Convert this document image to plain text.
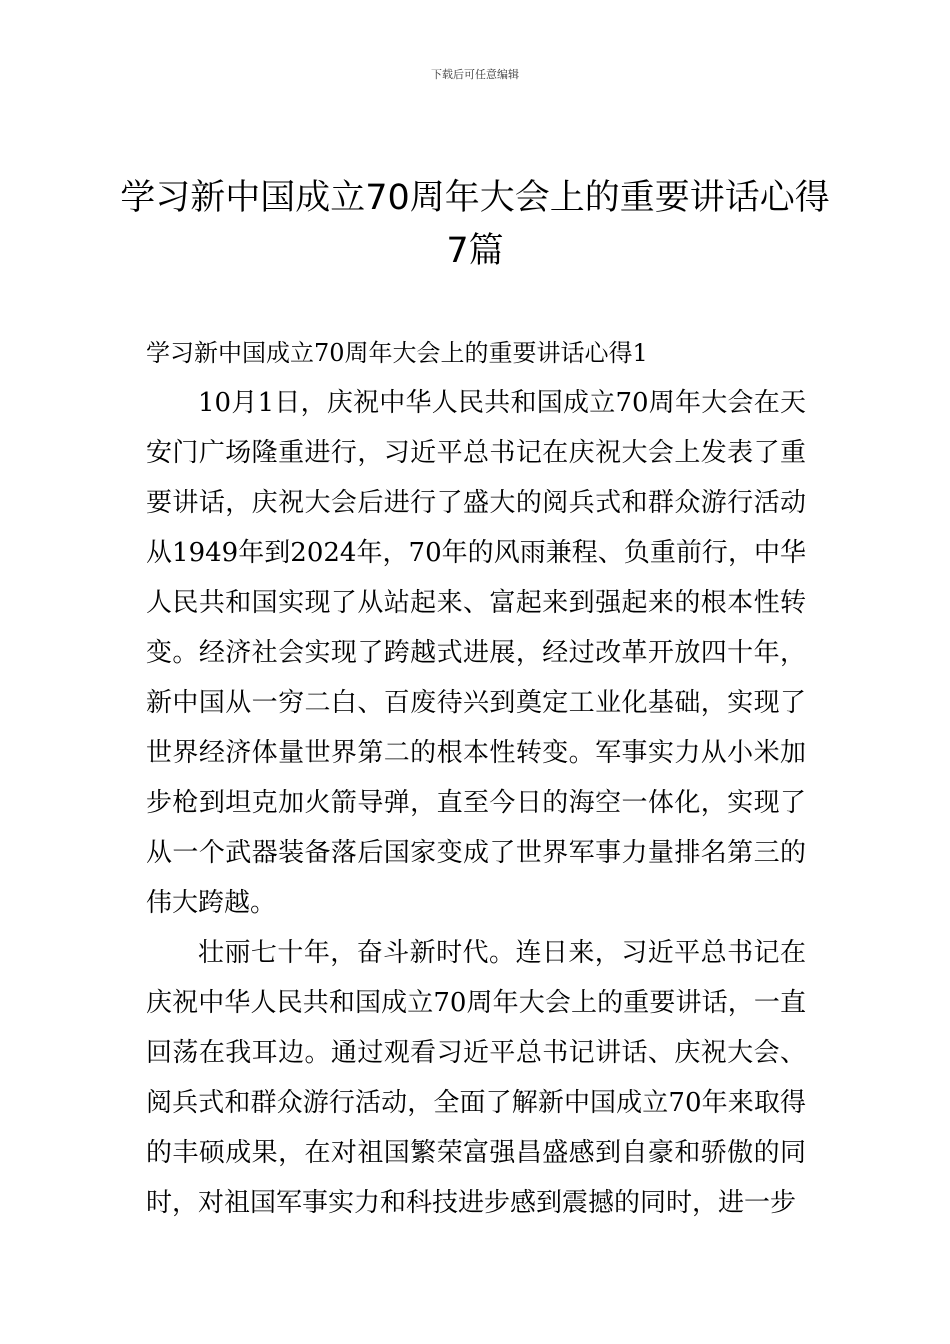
下载后可任意编辑
学习新中国成立70周年大会上的重要讲话心得7篇

学习新中国成立70周年大会上的重要讲话心得1

10月1日，庆祝中华人民共和国成立70周年大会在天安门广场隆重进行，习近平总书记在庆祝大会上发表了重要讲话，庆祝大会后进行了盛大的阅兵式和群众游行活动从1949年到2024年，70年的风雨兼程、负重前行，中华人民共和国实现了从站起来、富起来到强起来的根本性转变。经济社会实现了跨越式进展，经过改革开放四十年，新中国从一穷二白、百废待兴到奠定工业化基础，实现了世界经济体量世界第二的根本性转变。军事实力从小米加步枪到坦克加火箭导弹，直至今日的海空一体化，实现了从一个武器装备落后国家变成了世界军事力量排名第三的伟大跨越。

壮丽七十年，奋斗新时代。连日来，习近平总书记在庆祝中华人民共和国成立70周年大会上的重要讲话，一直回荡在我耳边。通过观看习近平总书记讲话、庆祝大会、阅兵式和群众游行活动，全面了解新中国成立70年来取得的丰硕成果，在对祖国繁荣富强昌盛感到自豪和骄傲的同时，对祖国军事实力和科技进步感到震撼的同时，进一步
